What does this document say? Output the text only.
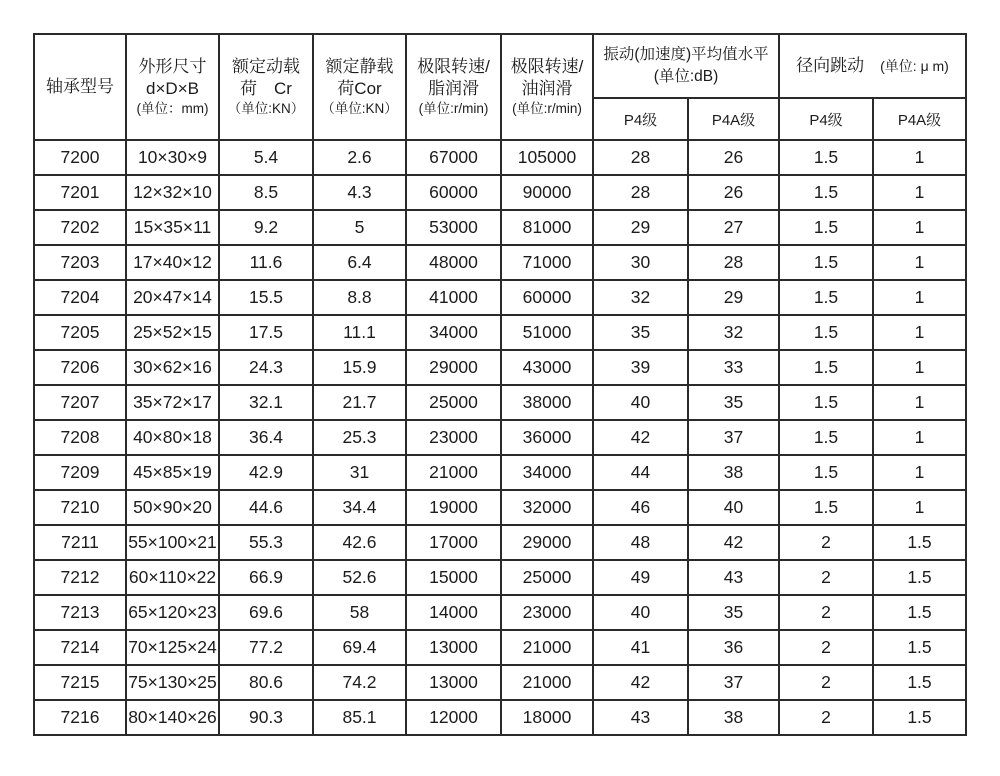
轴承型号

外形尺寸
d×D×B
(单位：mm)

额定动载
荷　Cr
（单位:KN）

额定静载
荷Cor
（单位:KN）

极限转速/
脂润滑
(单位:r/min)

极限转速/
油润滑
(单位:r/min)

振动(加速度)平均值水平(单位:dB)

径向跳动 (单位: μ m)

						P4级	P4A级	P4级	P4A级
7200	10×30×9	5.4	2.6	67000	105000	28	26	1.5	1
7201	12×32×10	8.5	4.3	60000	90000	28	26	1.5	1
7202	15×35×11	9.2	5	53000	81000	29	27	1.5	1
7203	17×40×12	11.6	6.4	48000	71000	30	28	1.5	1
7204	20×47×14	15.5	8.8	41000	60000	32	29	1.5	1
7205	25×52×15	17.5	11.1	34000	51000	35	32	1.5	1
7206	30×62×16	24.3	15.9	29000	43000	39	33	1.5	1
7207	35×72×17	32.1	21.7	25000	38000	40	35	1.5	1
7208	40×80×18	36.4	25.3	23000	36000	42	37	1.5	1
7209	45×85×19	42.9	31	21000	34000	44	38	1.5	1
7210	50×90×20	44.6	34.4	19000	32000	46	40	1.5	1
7211	55×100×21	55.3	42.6	17000	29000	48	42	2	1.5
7212	60×110×22	66.9	52.6	15000	25000	49	43	2	1.5
7213	65×120×23	69.6	58	14000	23000	40	35	2	1.5
7214	70×125×24	77.2	69.4	13000	21000	41	36	2	1.5
7215	75×130×25	80.6	74.2	13000	21000	42	37	2	1.5
7216	80×140×26	90.3	85.1	12000	18000	43	38	2	1.5
